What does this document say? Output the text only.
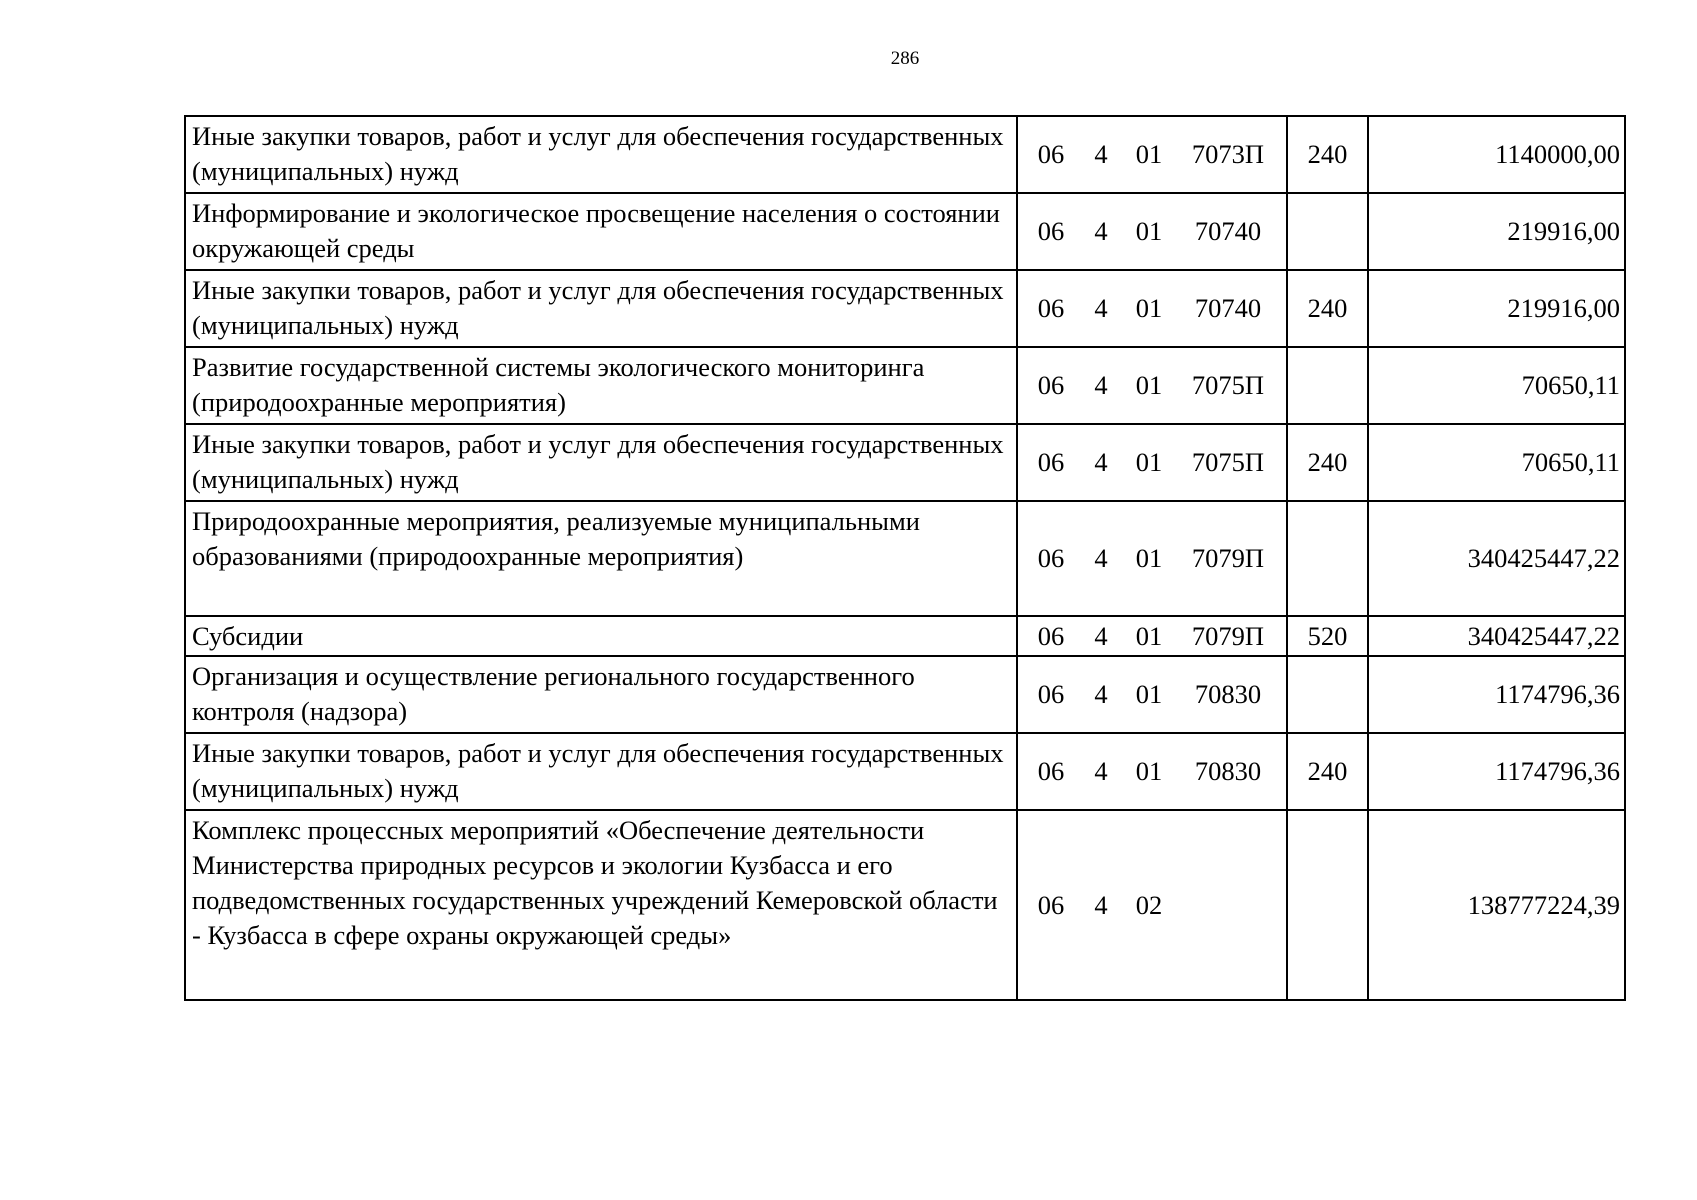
286
Иные закупки товаров, работ и услуг для обеспечения государственных (муниципальных) нужд	06 4 01 7073П	240	1140000,00
Информирование и экологическое просвещение населения о состоянии окружающей среды	06 4 01 70740		219916,00
Иные закупки товаров, работ и услуг для обеспечения государственных (муниципальных) нужд	06 4 01 70740	240	219916,00
Развитие государственной системы экологического мониторинга (природоохранные мероприятия)	06 4 01 7075П		70650,11
Иные закупки товаров, работ и услуг для обеспечения государственных (муниципальных) нужд	06 4 01 7075П	240	70650,11
Природоохранные мероприятия, реализуемые муниципальными образованиями (природоохранные мероприятия)	06 4 01 7079П		340425447,22
Субсидии	06 4 01 7079П	520	340425447,22
Организация и осуществление регионального государственного контроля (надзора)	06 4 01 70830		1174796,36
Иные закупки товаров, работ и услуг для обеспечения государственных (муниципальных) нужд	06 4 01 70830	240	1174796,36
Комплекс процессных мероприятий «Обеспечение деятельности Министерства природных ресурсов и экологии Кузбасса и его подведомственных государственных учреждений Кемеровской области - Кузбасса в сфере охраны окружающей среды»	06 4 02		138777224,39
